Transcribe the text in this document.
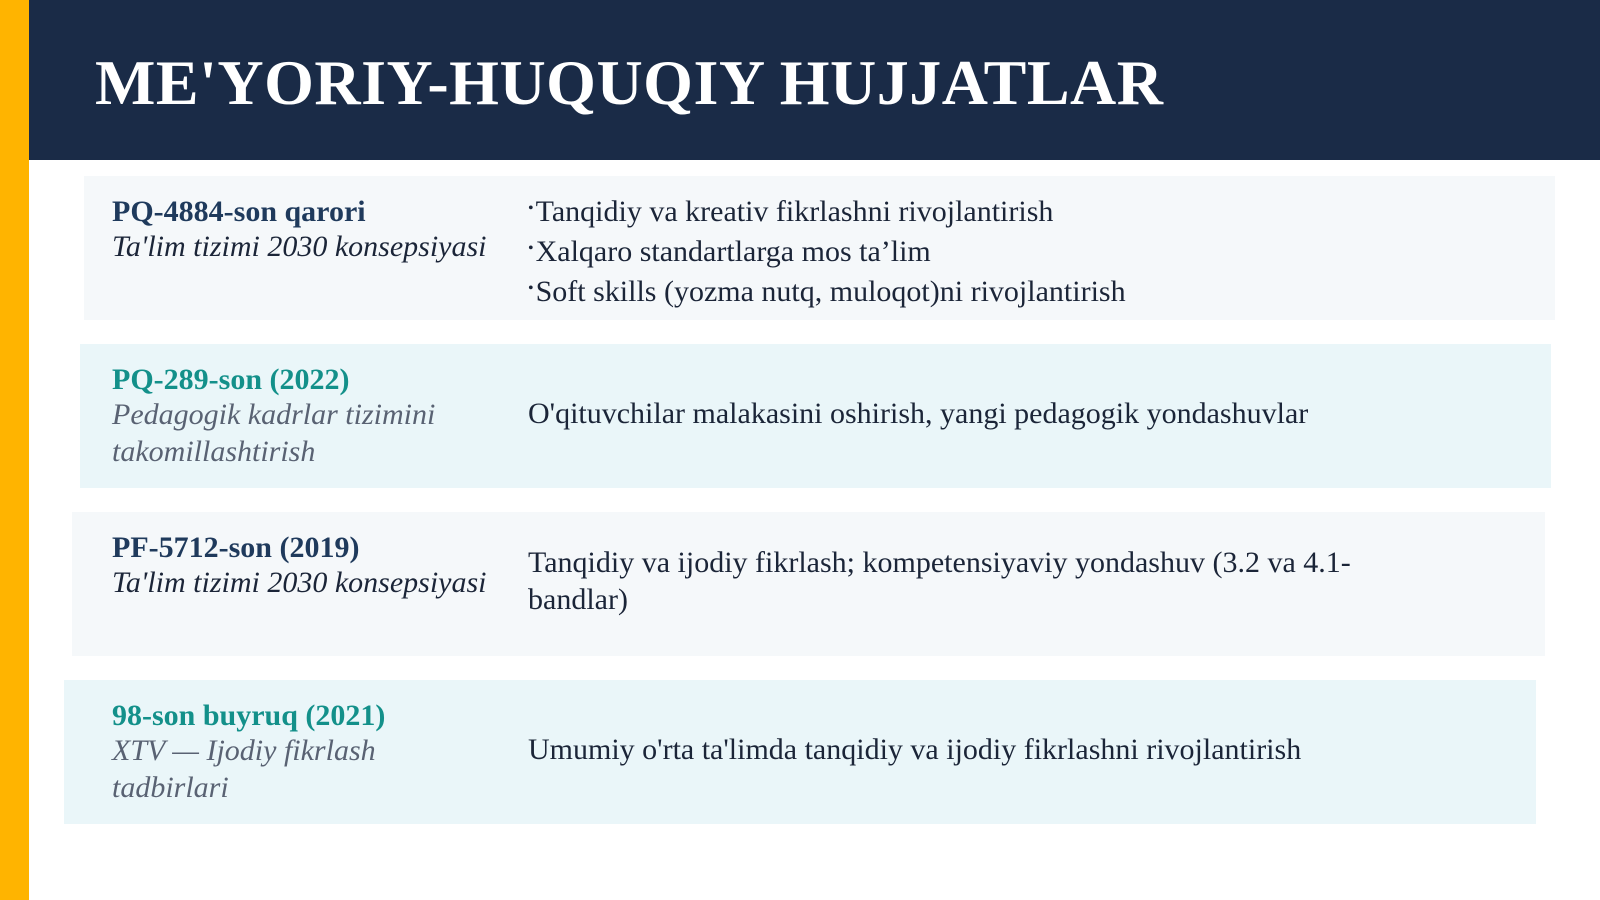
ME'YORIY-HUQUQIY HUJJATLAR
PQ-4884-son qarori
Ta'lim tizimi 2030 konsepsiyasi
•Tanqidiy va kreativ fikrlashni rivojlantirish
•Xalqaro standartlarga mos ta’lim
•Soft skills (yozma nutq, muloqot)ni rivojlantirish
PQ-289-son (2022)
Pedagogik kadrlar tizimini takomillashtirish
O'qituvchilar malakasini oshirish, yangi pedagogik yondashuvlar
PF-5712-son (2019)
Ta'lim tizimi 2030 konsepsiyasi
Tanqidiy va ijodiy fikrlash; kompetensiyaviy yondashuv (3.2 va 4.1-bandlar)
98-son buyruq (2021)
XTV — Ijodiy fikrlash tadbirlari
Umumiy o'rta ta'limda tanqidiy va ijodiy fikrlashni rivojlantirish
